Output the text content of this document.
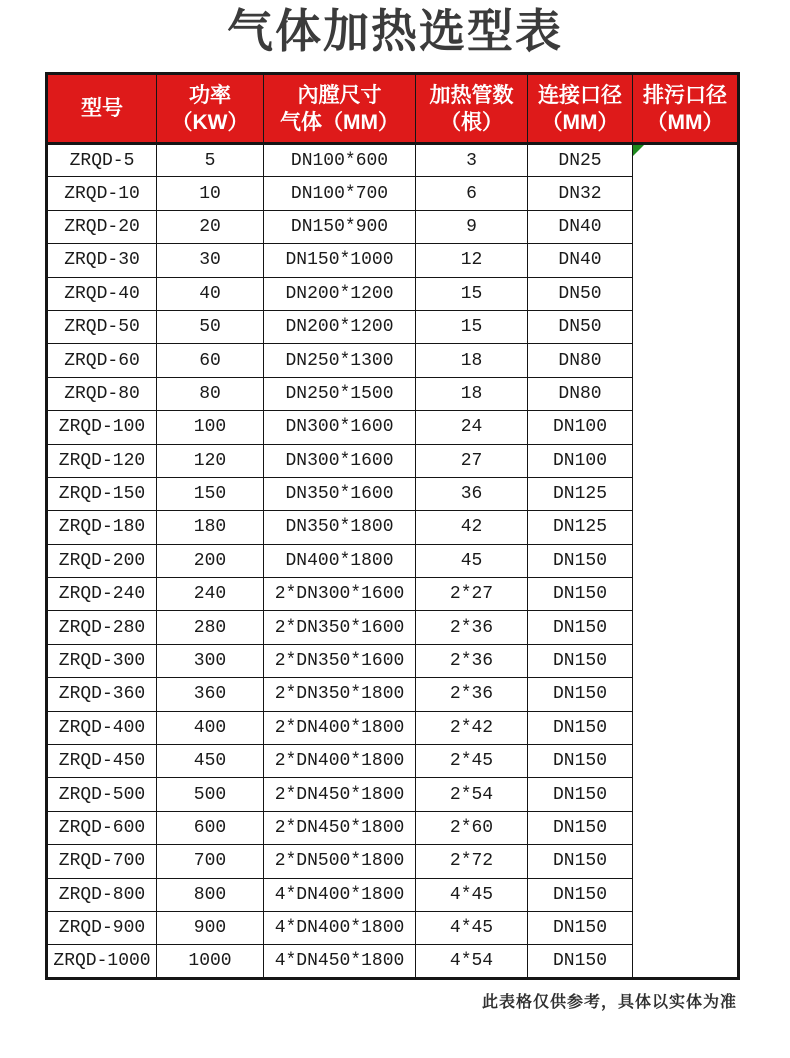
气体加热选型表
型号

功率
（KW）

內膛尺寸
气体（MM）

加热管数
（根）

连接口径
（MM）

排污口径
（MM）

ZRQD-5	5	DN100*600	3	DN25	

ZRQD-10	10	DN100*700	6	DN32	
ZRQD-20	20	DN150*900	9	DN40	
ZRQD-30	30	DN150*1000	12	DN40	
ZRQD-40	40	DN200*1200	15	DN50	
ZRQD-50	50	DN200*1200	15	DN50	
ZRQD-60	60	DN250*1300	18	DN80	
ZRQD-80	80	DN250*1500	18	DN80	
ZRQD-100	100	DN300*1600	24	DN100	
ZRQD-120	120	DN300*1600	27	DN100	
ZRQD-150	150	DN350*1600	36	DN125	
ZRQD-180	180	DN350*1800	42	DN125	
ZRQD-200	200	DN400*1800	45	DN150	
ZRQD-240	240	2*DN300*1600	2*27	DN150	
ZRQD-280	280	2*DN350*1600	2*36	DN150	
ZRQD-300	300	2*DN350*1600	2*36	DN150	
ZRQD-360	360	2*DN350*1800	2*36	DN150	
ZRQD-400	400	2*DN400*1800	2*42	DN150	
ZRQD-450	450	2*DN400*1800	2*45	DN150	
ZRQD-500	500	2*DN450*1800	2*54	DN150	
ZRQD-600	600	2*DN450*1800	2*60	DN150	
ZRQD-700	700	2*DN500*1800	2*72	DN150	
ZRQD-800	800	4*DN400*1800	4*45	DN150	
ZRQD-900	900	4*DN400*1800	4*45	DN150	
ZRQD-1000	1000	4*DN450*1800	4*54	DN150	
此表格仅供参考，具体以实体为准
